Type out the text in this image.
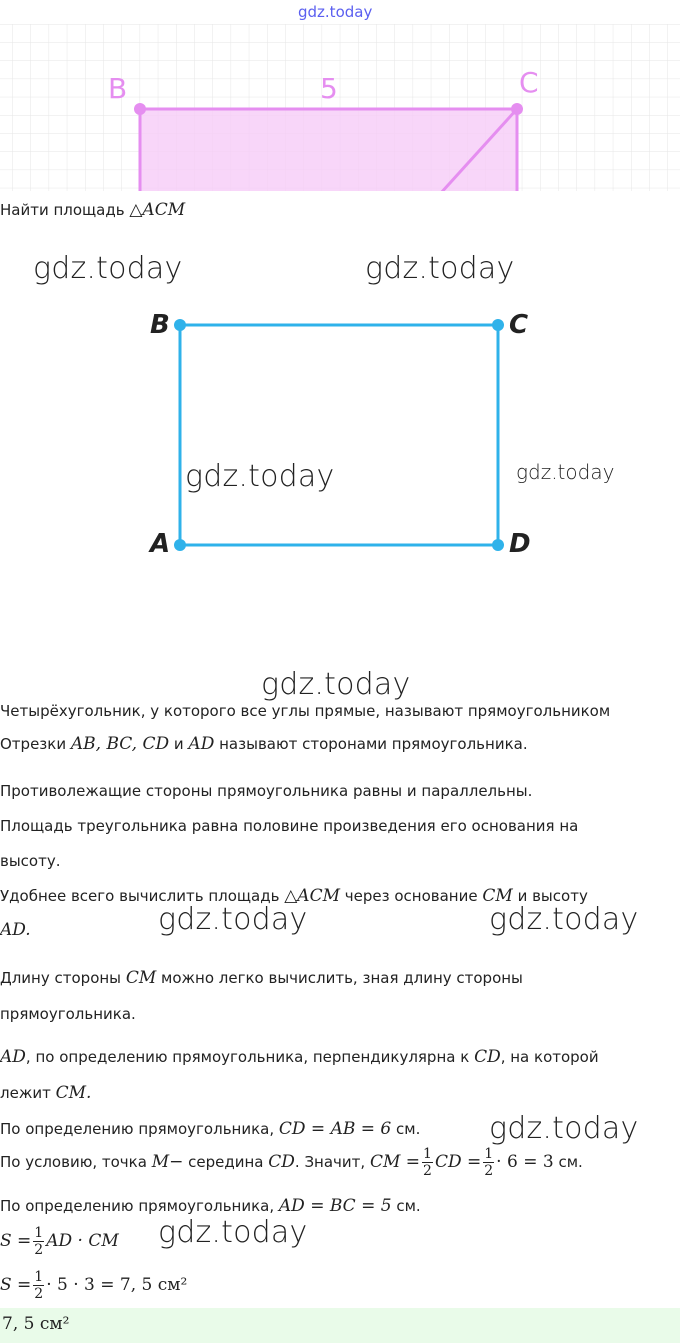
gdz.today
B	C
5
Найти площадь △ACM
gdz.today	gdz.today
gdz.today	gdz.today
B	C
A	D
gdz.today
Четырёхугольник, у которого все углы прямые, называют прямоугольником
Отрезки AB, BC, CD и AD называют сторонами прямоугольника.
Противолежащие стороны прямоугольника равны и параллельны.
Площадь треугольника равна половине произведения его основания на
высоту.
Удобнее всего вычислить площадь △ACM через основание CM и высоту
AD.	gdz.today	gdz.today
Длину стороны CM можно легко вычислить, зная длину стороны
прямоугольника.
AD, по определению прямоугольника, перпендикулярна к CD, на которой
лежит CM.
По определению прямоугольника, CD = AB = 6 см. gdz.today
По условию, точка M− середина CD. Значит, CM = $\frac{1}{2}$ CD = $\frac{1}{2} \cdot 6 = 3$ см.
По определению прямоугольника, AD = BC = 5 см.
$S = \frac{1}{2}$ AD · CM gdz.today
$S = \frac{1}{2} \cdot 5 \cdot 3 = 7$, 5 см²
7, 5 см²
